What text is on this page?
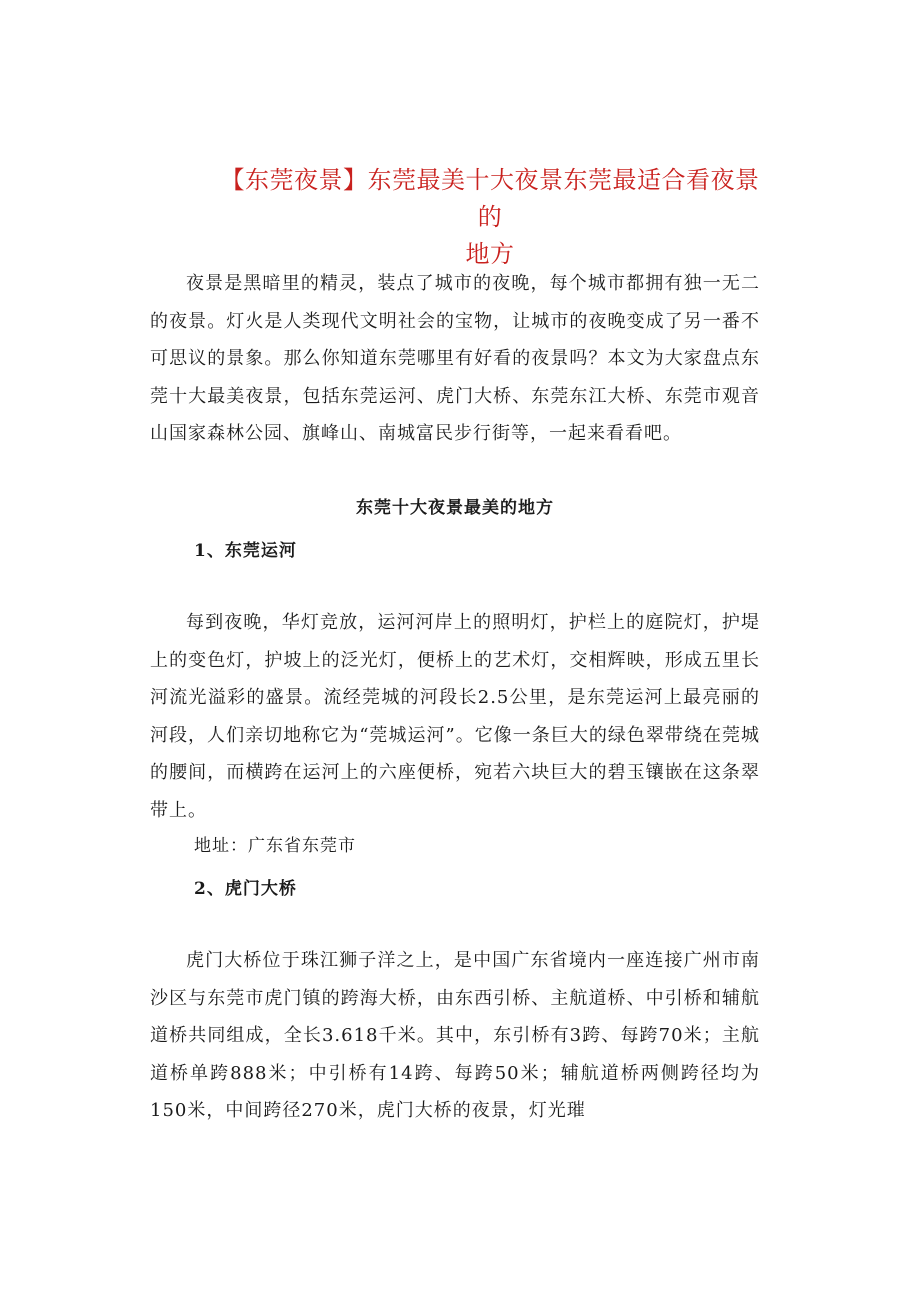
【东莞夜景】东莞最美十大夜景东莞最适合看夜景的
地方

夜景是黑暗里的精灵，装点了城市的夜晚，每个城市都拥有独一无二的夜景。灯火是人类现代文明社会的宝物，让城市的夜晚变成了另一番不可思议的景象。那么你知道东莞哪里有好看的夜景吗？本文为大家盘点东莞十大最美夜景，包括东莞运河、虎门大桥、东莞东江大桥、东莞市观音山国家森林公园、旗峰山、南城富民步行街等，一起来看看吧。

东莞十大夜景最美的地方

1、东莞运河

每到夜晚，华灯竞放，运河河岸上的照明灯，护栏上的庭院灯，护堤上的变色灯，护坡上的泛光灯，便桥上的艺术灯，交相辉映，形成五里长河流光溢彩的盛景。流经莞城的河段长2.5公里，是东莞运河上最亮丽的河段，人们亲切地称它为“莞城运河”。它像一条巨大的绿色翠带绕在莞城的腰间，而横跨在运河上的六座便桥，宛若六块巨大的碧玉镶嵌在这条翠带上。

地址：广东省东莞市

2、虎门大桥

虎门大桥位于珠江狮子洋之上，是中国广东省境内一座连接广州市南沙区与东莞市虎门镇的跨海大桥，由东西引桥、主航道桥、中引桥和辅航道桥共同组成，全长3.618千米。其中，东引桥有3跨、每跨70米；主航道桥单跨888米；中引桥有14跨、每跨50米；辅航道桥两侧跨径均为150米，中间跨径270米，虎门大桥的夜景，灯光璀
